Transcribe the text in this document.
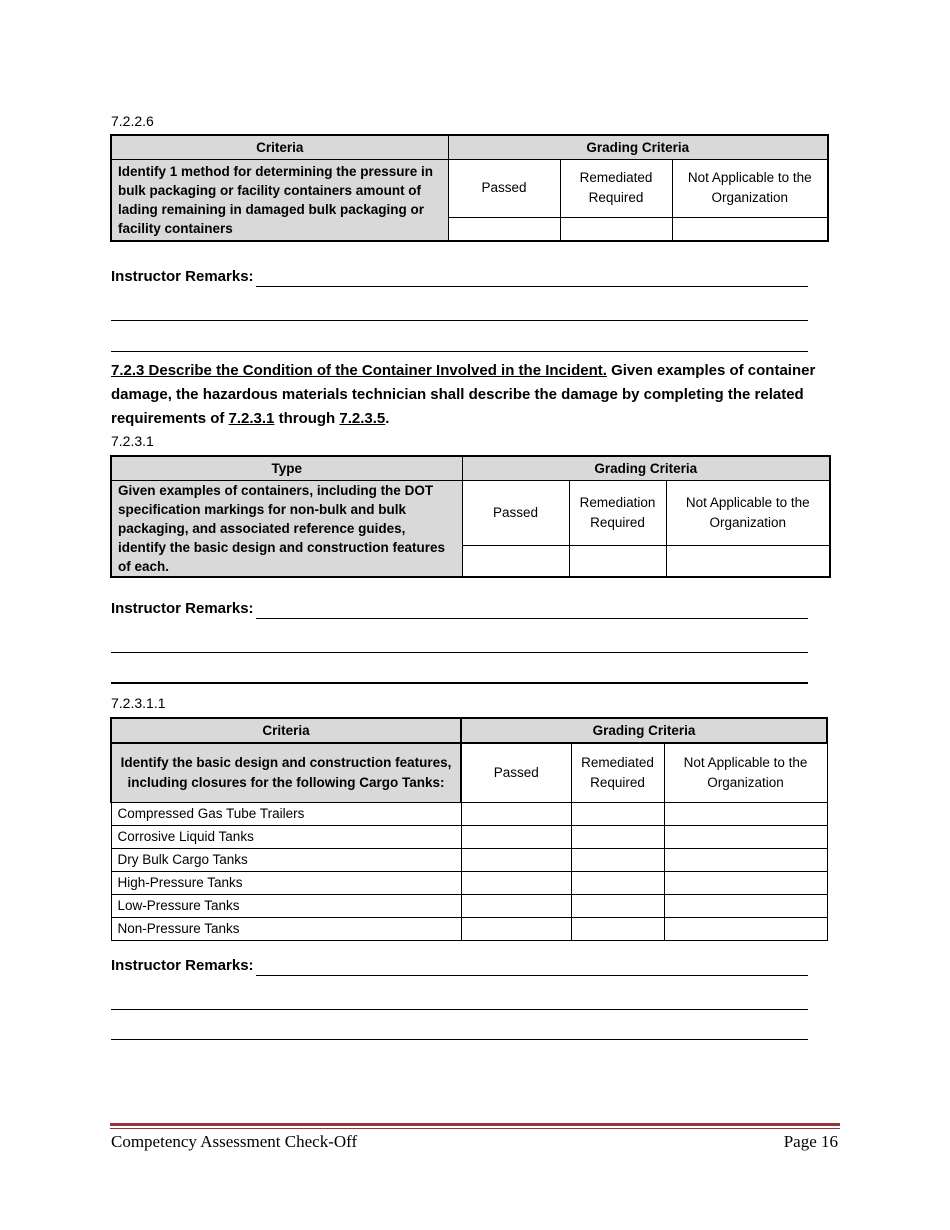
7.2.2.6
Criteria	Grading Criteria		
Identify 1 method for determining the pressure in bulk packaging or facility containers amount of lading remaining in damaged bulk packaging or facility containers	Passed	Remediated Required	Not Applicable to the Organization

Instructor Remarks:
7.2.3 Describe the Condition of the Container Involved in the Incident. Given examples of container damage, the hazardous materials technician shall describe the damage by completing the related requirements of 7.2.3.1 through 7.2.3.5.
7.2.3.1
Type	Grading Criteria		
Given examples of containers, including the DOT specification markings for non-bulk and bulk packaging, and associated reference guides, identify the basic design and construction features of each.	Passed	Remediation Required	Not Applicable to the Organization

Instructor Remarks:
7.2.3.1.1
Criteria	Grading Criteria		
Identify the basic design and construction features, including closures for the following Cargo Tanks:	Passed	Remediated Required	Not Applicable to the Organization
Compressed Gas Tube Trailers			
Corrosive Liquid Tanks			
Dry Bulk Cargo Tanks			
High-Pressure Tanks			
Low-Pressure Tanks			
Non-Pressure Tanks			
Instructor Remarks:
Competency Assessment Check-Off	Page 16
